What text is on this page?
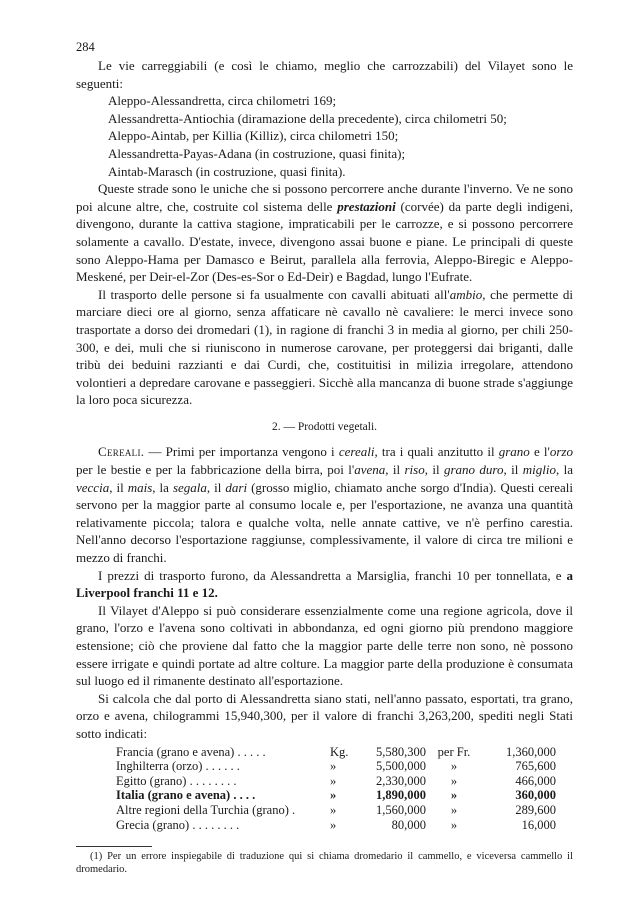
284

Le vie carreggiabili (e così le chiamo, meglio che carrozzabili) del Vilayet sono le seguenti:

Aleppo-Alessandretta, circa chilometri 169;

Alessandretta-Antiochia (diramazione della precedente), circa chilometri 50;

Aleppo-Aintab, per Killia (Killiz), circa chilometri 150;

Alessandretta-Payas-Adana (in costruzione, quasi finita);

Aintab-Marasch (in costruzione, quasi finita).

Queste strade sono le uniche che si possono percorrere anche durante l'inverno. Ve ne sono poi alcune altre, che, costruite col sistema delle prestazioni (corvée) da parte degli indigeni, divengono, durante la cattiva stagione, impraticabili per le carrozze, e si possono percorrere solamente a cavallo. D'estate, invece, divengono assai buone e piane. Le principali di queste sono Aleppo-Hama per Damasco e Beirut, parallela alla ferrovia, Aleppo-Biregic e Aleppo-Meskené, per Deir-el-Zor (Des-es-Sor o Ed-Deir) e Bagdad, lungo l'Eufrate.

Il trasporto delle persone si fa usualmente con cavalli abituati all'ambio, che permette di marciare dieci ore al giorno, senza affaticare nè cavallo nè cavaliere: le merci invece sono trasportate a dorso dei dromedari (1), in ragione di franchi 3 in media al giorno, per chili 250-300, e dei, muli che si riuniscono in numerose carovane, per proteggersi dai briganti, dalle tribù dei beduini razzianti e dai Curdi, che, costituitisi in milizia irregolare, attendono volontieri a depredare carovane e passeggieri. Sicchè alla mancanza di buone strade s'aggiunge la loro poca sicurezza.

2. — Prodotti vegetali.

Cereali. — Primi per importanza vengono i cereali, tra i quali anzitutto il grano e l'orzo per le bestie e per la fabbricazione della birra, poi l'avena, il riso, il grano duro, il miglio, la veccia, il mais, la segala, il dari (grosso miglio, chiamato anche sorgo d'India). Questi cereali servono per la maggior parte al consumo locale e, per l'esportazione, ne avanza una quantità relativamente piccola; talora e qualche volta, nelle annate cattive, ve n'è perfino carestia. Nell'anno decorso l'esportazione raggiunse, complessivamente, il valore di circa tre milioni e mezzo di franchi.

I prezzi di trasporto furono, da Alessandretta a Marsiglia, franchi 10 per tonnellata, e a Liverpool franchi 11 e 12.

Il Vilayet d'Aleppo si può considerare essenzialmente come una regione agricola, dove il grano, l'orzo e l'avena sono coltivati in abbondanza, ed ogni giorno più prendono maggiore estensione; ciò che proviene dal fatto che la maggior parte delle terre non sono, nè possono essere irrigate e quindi portate ad altre colture. La maggior parte della produzione è consumata sul luogo ed il rimanente destinato all'esportazione.

Si calcola che dal porto di Alessandretta siano stati, nell'anno passato, esportati, tra grano, orzo e avena, chilogrammi 15,940,300, per il valore di franchi 3,263,200, spediti negli Stati sotto indicati:

Francia (grano e avena) . . . . .	Kg.	5,580,300	per Fr.	1,360,000
Inghilterra (orzo) . . . . . .	»	5,500,000	»	765,600
Egitto (grano) . . . . . . . .	»	2,330,000	»	466,000
Italia (grano e avena) . . . .	»	1,890,000	»	360,000
Altre regioni della Turchia (grano) .	»	1,560,000	»	289,600
Grecia (grano) . . . . . . . .	»	80,000	»	16,000

(1) Per un errore inspiegabile di traduzione qui si chiama dromedario il cammello, e viceversa cammello il dromedario.
